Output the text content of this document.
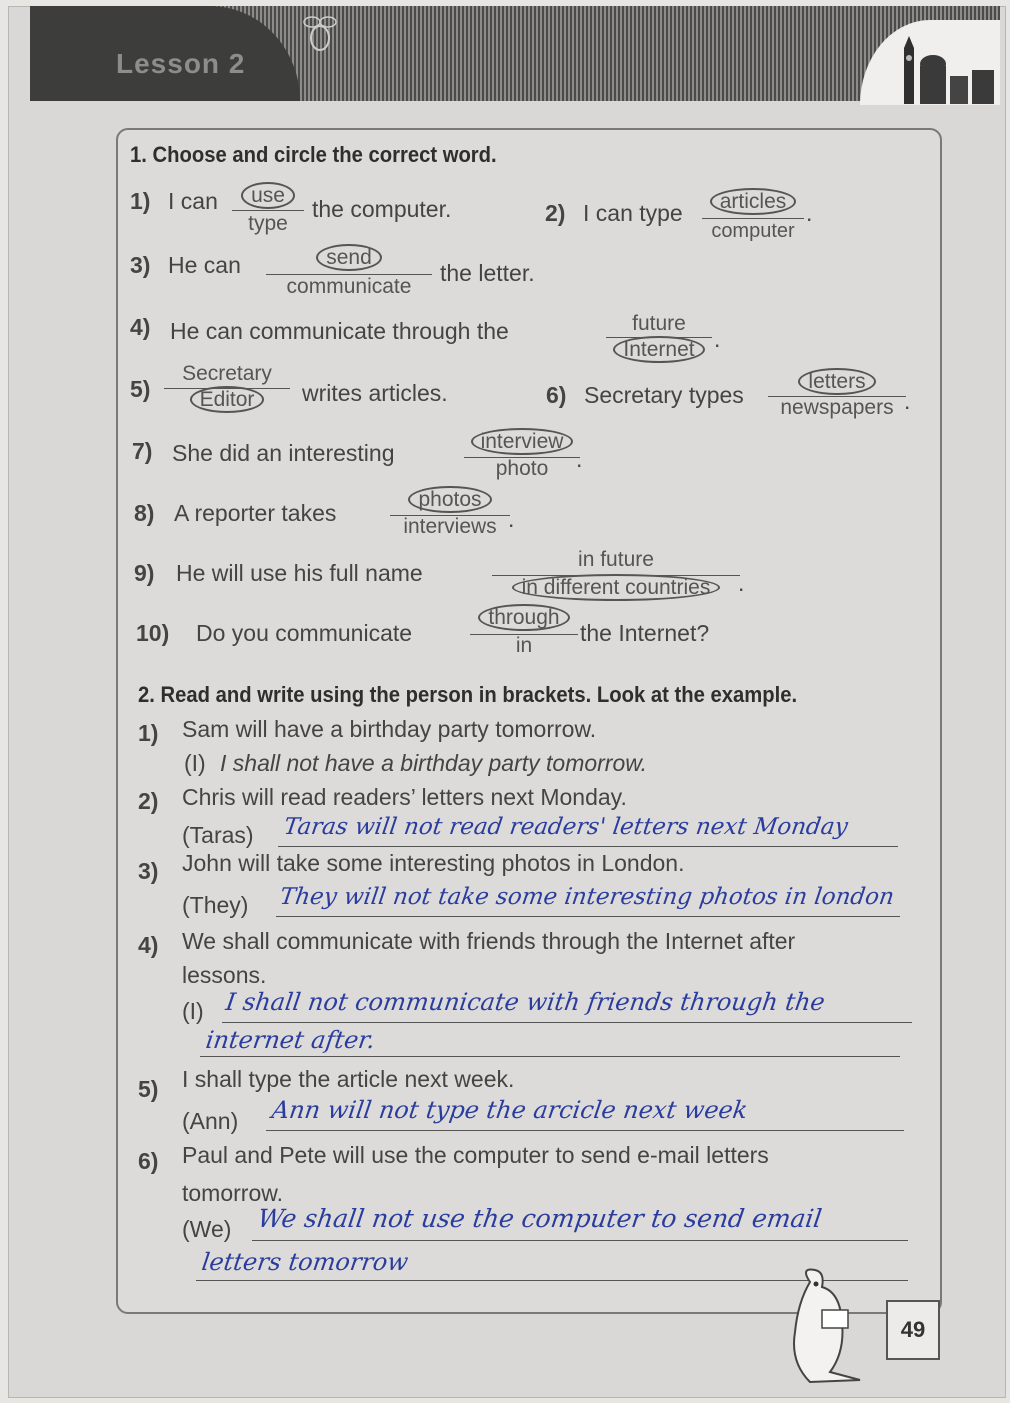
Lesson 2
1. Choose and circle the correct word.
1) I can	use
type
the computer.	2) I can type	articles
computer
.
3) He can	send
communicate
the letter.
4) He can communicate through the	future
Internet .
5)
Secretary
Editor	writes articles.	6) Secretary types
letters
newspapers .
7) She did an interesting	interview
photo	.
8) A reporter takes
photos
interviews .
9) He will use his full name
in future
in different countries	.
10) Do you communicate
through
in	the Internet?
2. Read and write using the person in brackets. Look at the example.
1) Sam will have a birthday party tomorrow.
(I) I shall not have a birthday party tomorrow.
2) Chris will read readers’ letters next Monday.
(Taras) Taras will not read readers' letters next Monday
3) John will take some interesting photos in London.
(They) They will not take some interesting photos in london
4) We shall communicate with friends through the Internet after
lessons.
(I) I shall not communicate with friends through the
internet after.
5) I shall type the article next week.
(Ann) Ann will not type the arcicle next week
6) Paul and Pete will use the computer to send e-mail letters
tomorrow.
(We) We shall not use the computer to send email
letters tomorrow
49
